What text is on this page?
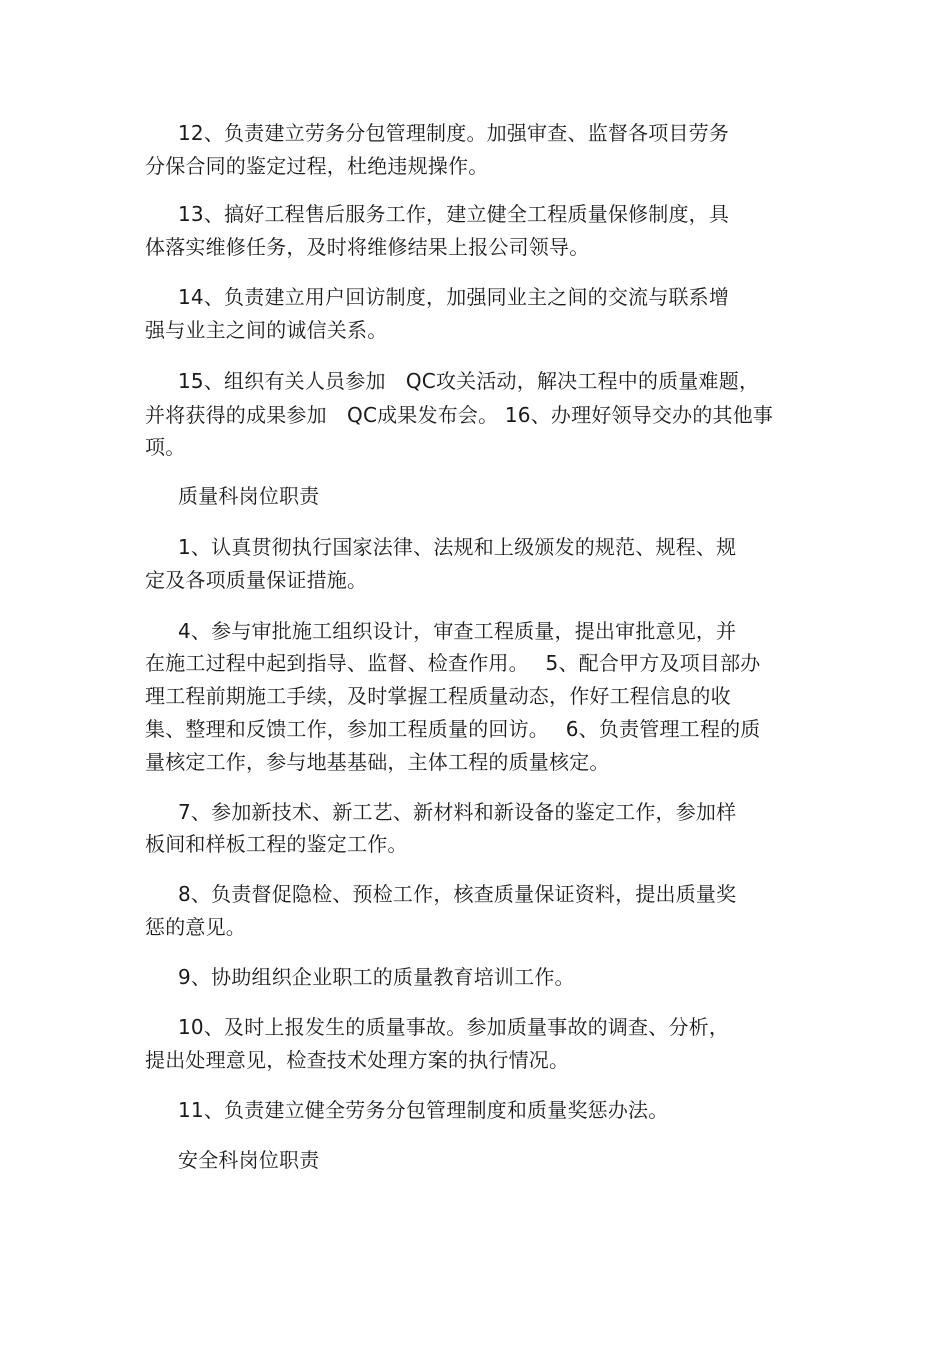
12、负责建立劳务分包管理制度。加强审查、监督各项目劳务
分保合同的鉴定过程，杜绝违规操作。
13、搞好工程售后服务工作，建立健全工程质量保修制度，具
体落实维修任务，及时将维修结果上报公司领导。
14、负责建立用户回访制度，加强同业主之间的交流与联系增
强与业主之间的诚信关系。
15、组织有关人员参加　QC攻关活动，解决工程中的质量难题，
并将获得的成果参加　QC成果发布会。 16、办理好领导交办的其他事
项。
质量科岗位职责
1、认真贯彻执行国家法律、法规和上级颁发的规范、规程、规
定及各项质量保证措施。
4、参与审批施工组织设计，审查工程质量，提出审批意见，并
在施工过程中起到指导、监督、检查作用。　 5、配合甲方及项目部办
理工程前期施工手续，及时掌握工程质量动态，作好工程信息的收
集、整理和反馈工作，参加工程质量的回访。　 6、负责管理工程的质
量核定工作，参与地基基础，主体工程的质量核定。
7、参加新技术、新工艺、新材料和新设备的鉴定工作，参加样
板间和样板工程的鉴定工作。
8、负责督促隐检、预检工作，核查质量保证资料，提出质量奖
惩的意见。
9、协助组织企业职工的质量教育培训工作。
10、及时上报发生的质量事故。参加质量事故的调查、分析，
提出处理意见，检查技术处理方案的执行情况。
11、负责建立健全劳务分包管理制度和质量奖惩办法。
安全科岗位职责
